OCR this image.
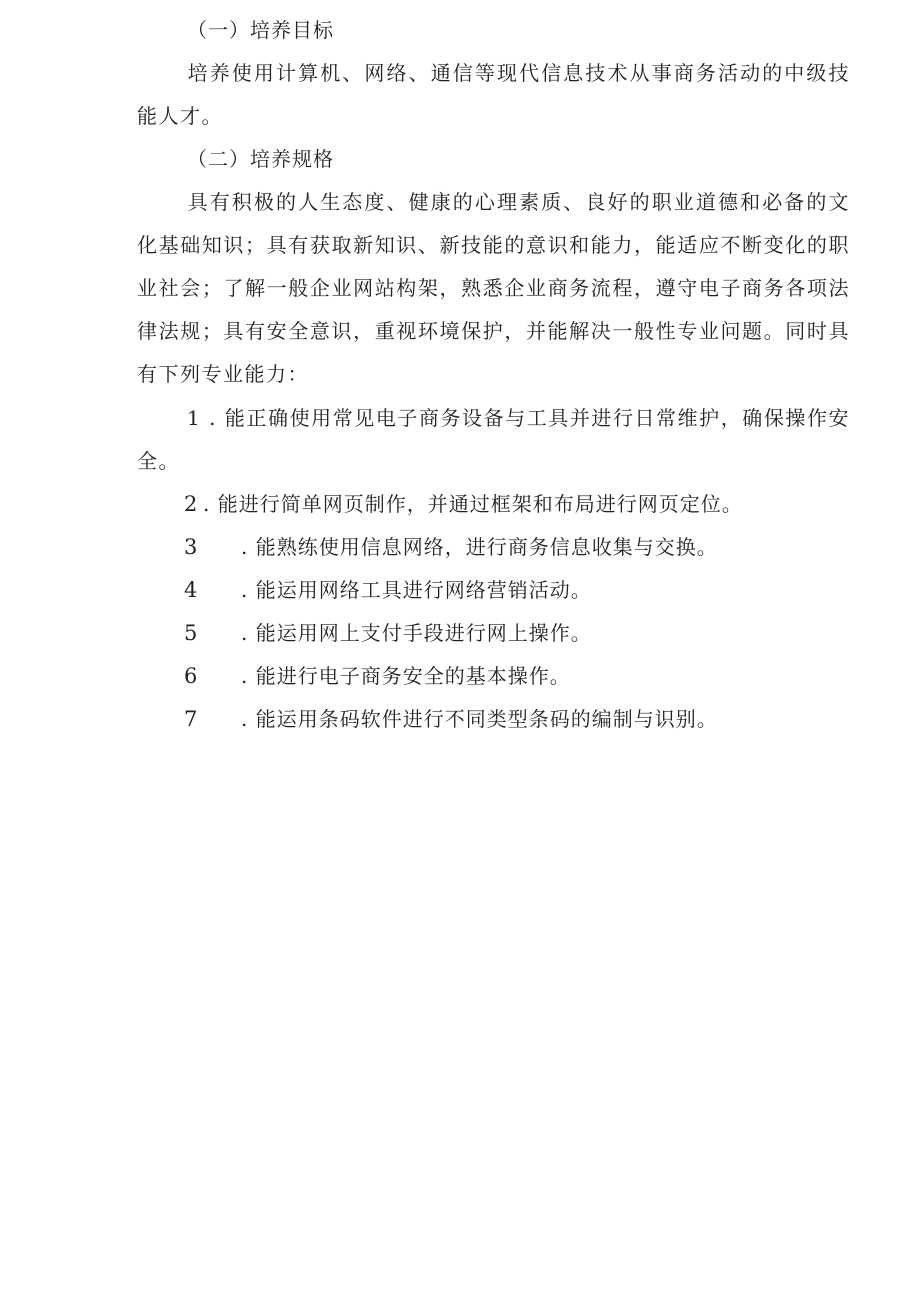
（一）培养目标
培养使用计算机、网络、通信等现代信息技术从事商务活动的中级技能人才。
（二）培养规格
具有积极的人生态度、健康的心理素质、良好的职业道德和必备的文化基础知识；具有获取新知识、新技能的意识和能力，能适应不断变化的职业社会；了解一般企业网站构架，熟悉企业商务流程，遵守电子商务各项法律法规；具有安全意识，重视环境保护，并能解决一般性专业问题。同时具有下列专业能力：
1 . 能正确使用常见电子商务设备与工具并进行日常维护，确保操作安全。
2 . 能进行简单网页制作，并通过框架和布局进行网页定位。
3 . 能熟练使用信息网络，进行商务信息收集与交换。
4 . 能运用网络工具进行网络营销活动。
5 . 能运用网上支付手段进行网上操作。
6 . 能进行电子商务安全的基本操作。
7 . 能运用条码软件进行不同类型条码的编制与识别。
